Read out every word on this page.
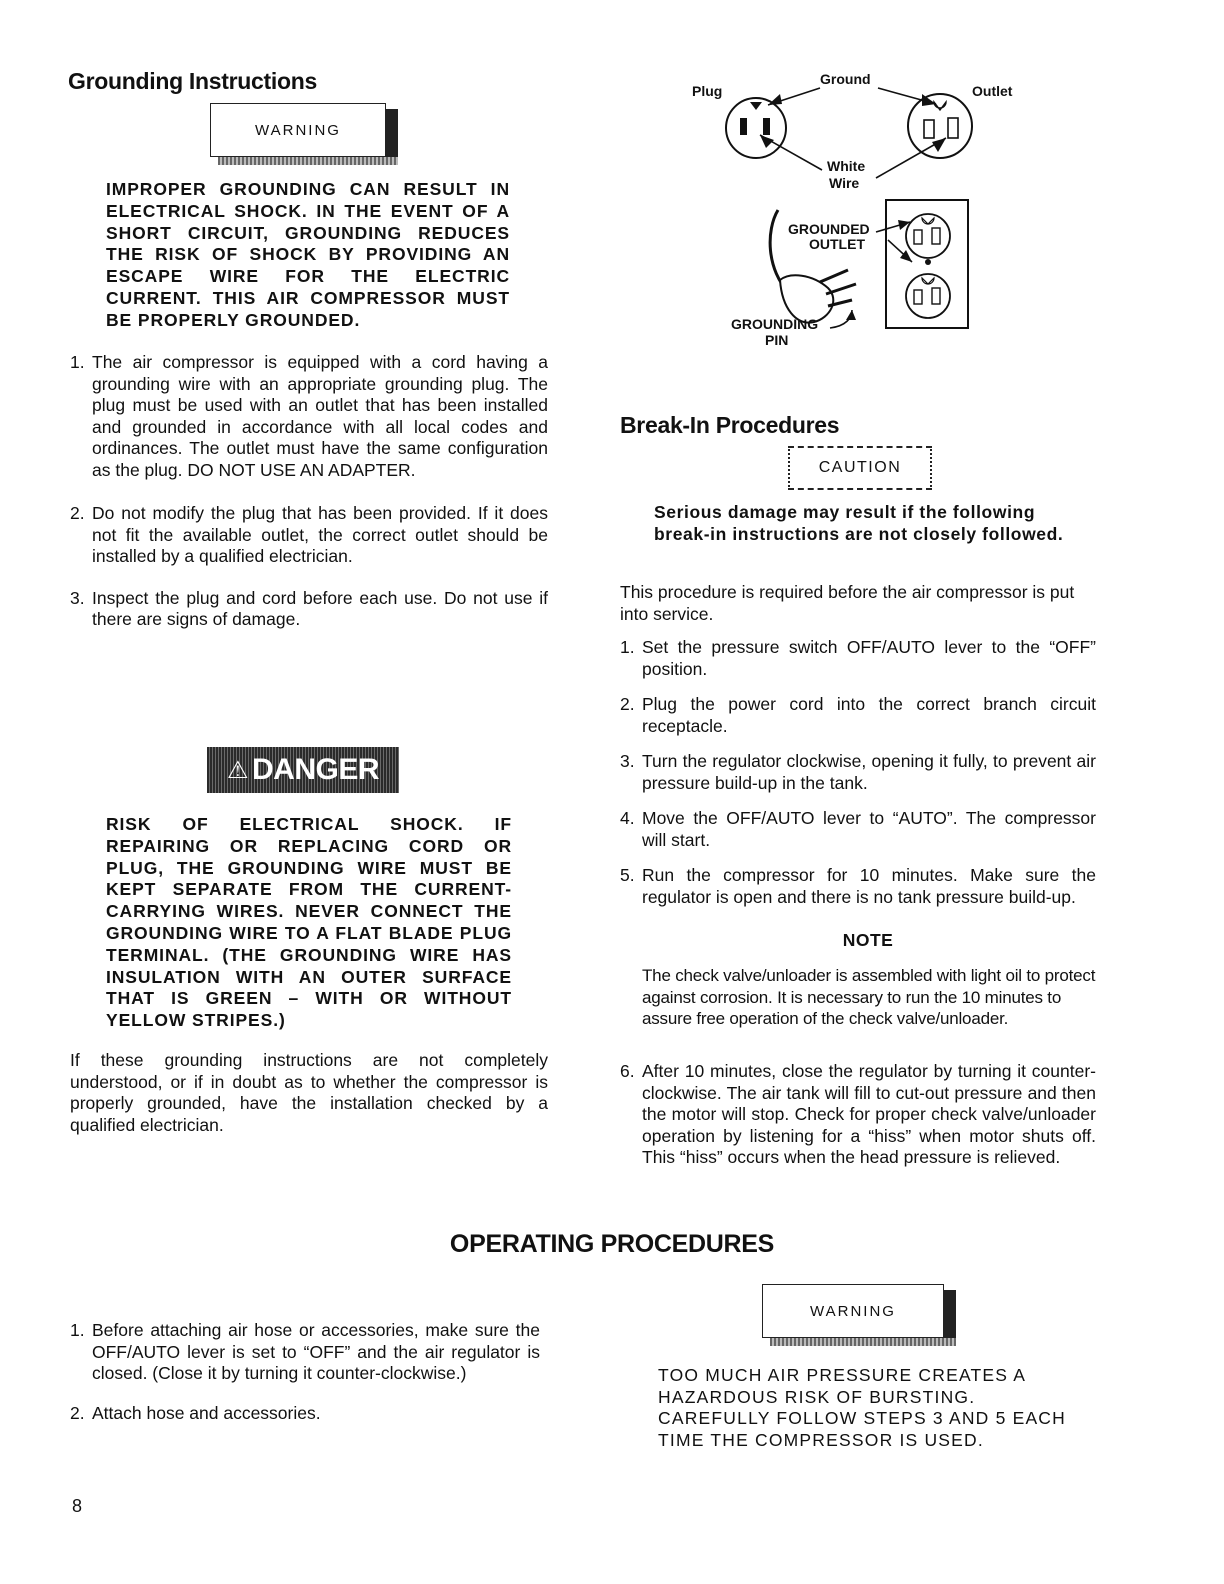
Grounding Instructions
WARNING
IMPROPER GROUNDING CAN RESULT IN ELECTRICAL SHOCK. IN THE EVENT OF A SHORT CIRCUIT, GROUNDING REDUCES THE RISK OF SHOCK BY PROVIDING AN ESCAPE WIRE FOR THE ELECTRIC CURRENT. THIS AIR COMPRESSOR MUST BE PROPERLY GROUNDED.
1. The air compressor is equipped with a cord having a grounding wire with an appropriate grounding plug. The plug must be used with an outlet that has been installed and grounded in accordance with all local codes and ordinances. The outlet must have the same configuration as the plug. DO NOT USE AN ADAPTER.
2. Do not modify the plug that has been provided. If it does not fit the available outlet, the correct outlet should be installed by a qualified electrician.
3. Inspect the plug and cord before each use. Do not use if there are signs of damage.
⚠ DANGER
RISK OF ELECTRICAL SHOCK. IF REPAIRING OR REPLACING CORD OR PLUG, THE GROUNDING WIRE MUST BE KEPT SEPARATE FROM THE CURRENT-CARRYING WIRES. NEVER CONNECT THE GROUNDING WIRE TO A FLAT BLADE PLUG TERMINAL. (THE GROUNDING WIRE HAS INSULATION WITH AN OUTER SURFACE THAT IS GREEN – WITH OR WITHOUT YELLOW STRIPES.)
If these grounding instructions are not completely understood, or if in doubt as to whether the compressor is properly grounded, have the installation checked by a qualified electrician.
Plug
Ground
Outlet
White
Wire
GROUNDED
OUTLET
GROUNDING
PIN
Break-In Procedures
CAUTION
Serious damage may result if the following break-in instructions are not closely followed.
This procedure is required before the air compressor is put into service.
1. Set the pressure switch OFF/AUTO lever to the “OFF” position.
2. Plug the power cord into the correct branch circuit receptacle.
3. Turn the regulator clockwise, opening it fully, to prevent air pressure build-up in the tank.
4. Move the OFF/AUTO lever to “AUTO”. The compressor will start.
5. Run the compressor for 10 minutes. Make sure the regulator is open and there is no tank pressure build-up.
NOTE
The check valve/unloader is assembled with light oil to protect against corrosion. It is necessary to run the 10 minutes to assure free operation of the check valve/unloader.
6. After 10 minutes, close the regulator by turning it counter-clockwise. The air tank will fill to cut-out pressure and then the motor will stop. Check for proper check valve/unloader operation by listening for a “hiss” when motor shuts off. This “hiss” occurs when the head pressure is relieved.
OPERATING PROCEDURES
1. Before attaching air hose or accessories, make sure the OFF/AUTO lever is set to “OFF” and the air regulator is closed. (Close it by turning it counter-clockwise.)
2. Attach hose and accessories.
WARNING
TOO MUCH AIR PRESSURE CREATES A HAZARDOUS RISK OF BURSTING. CAREFULLY FOLLOW STEPS 3 AND 5 EACH TIME THE COMPRESSOR IS USED.
8
